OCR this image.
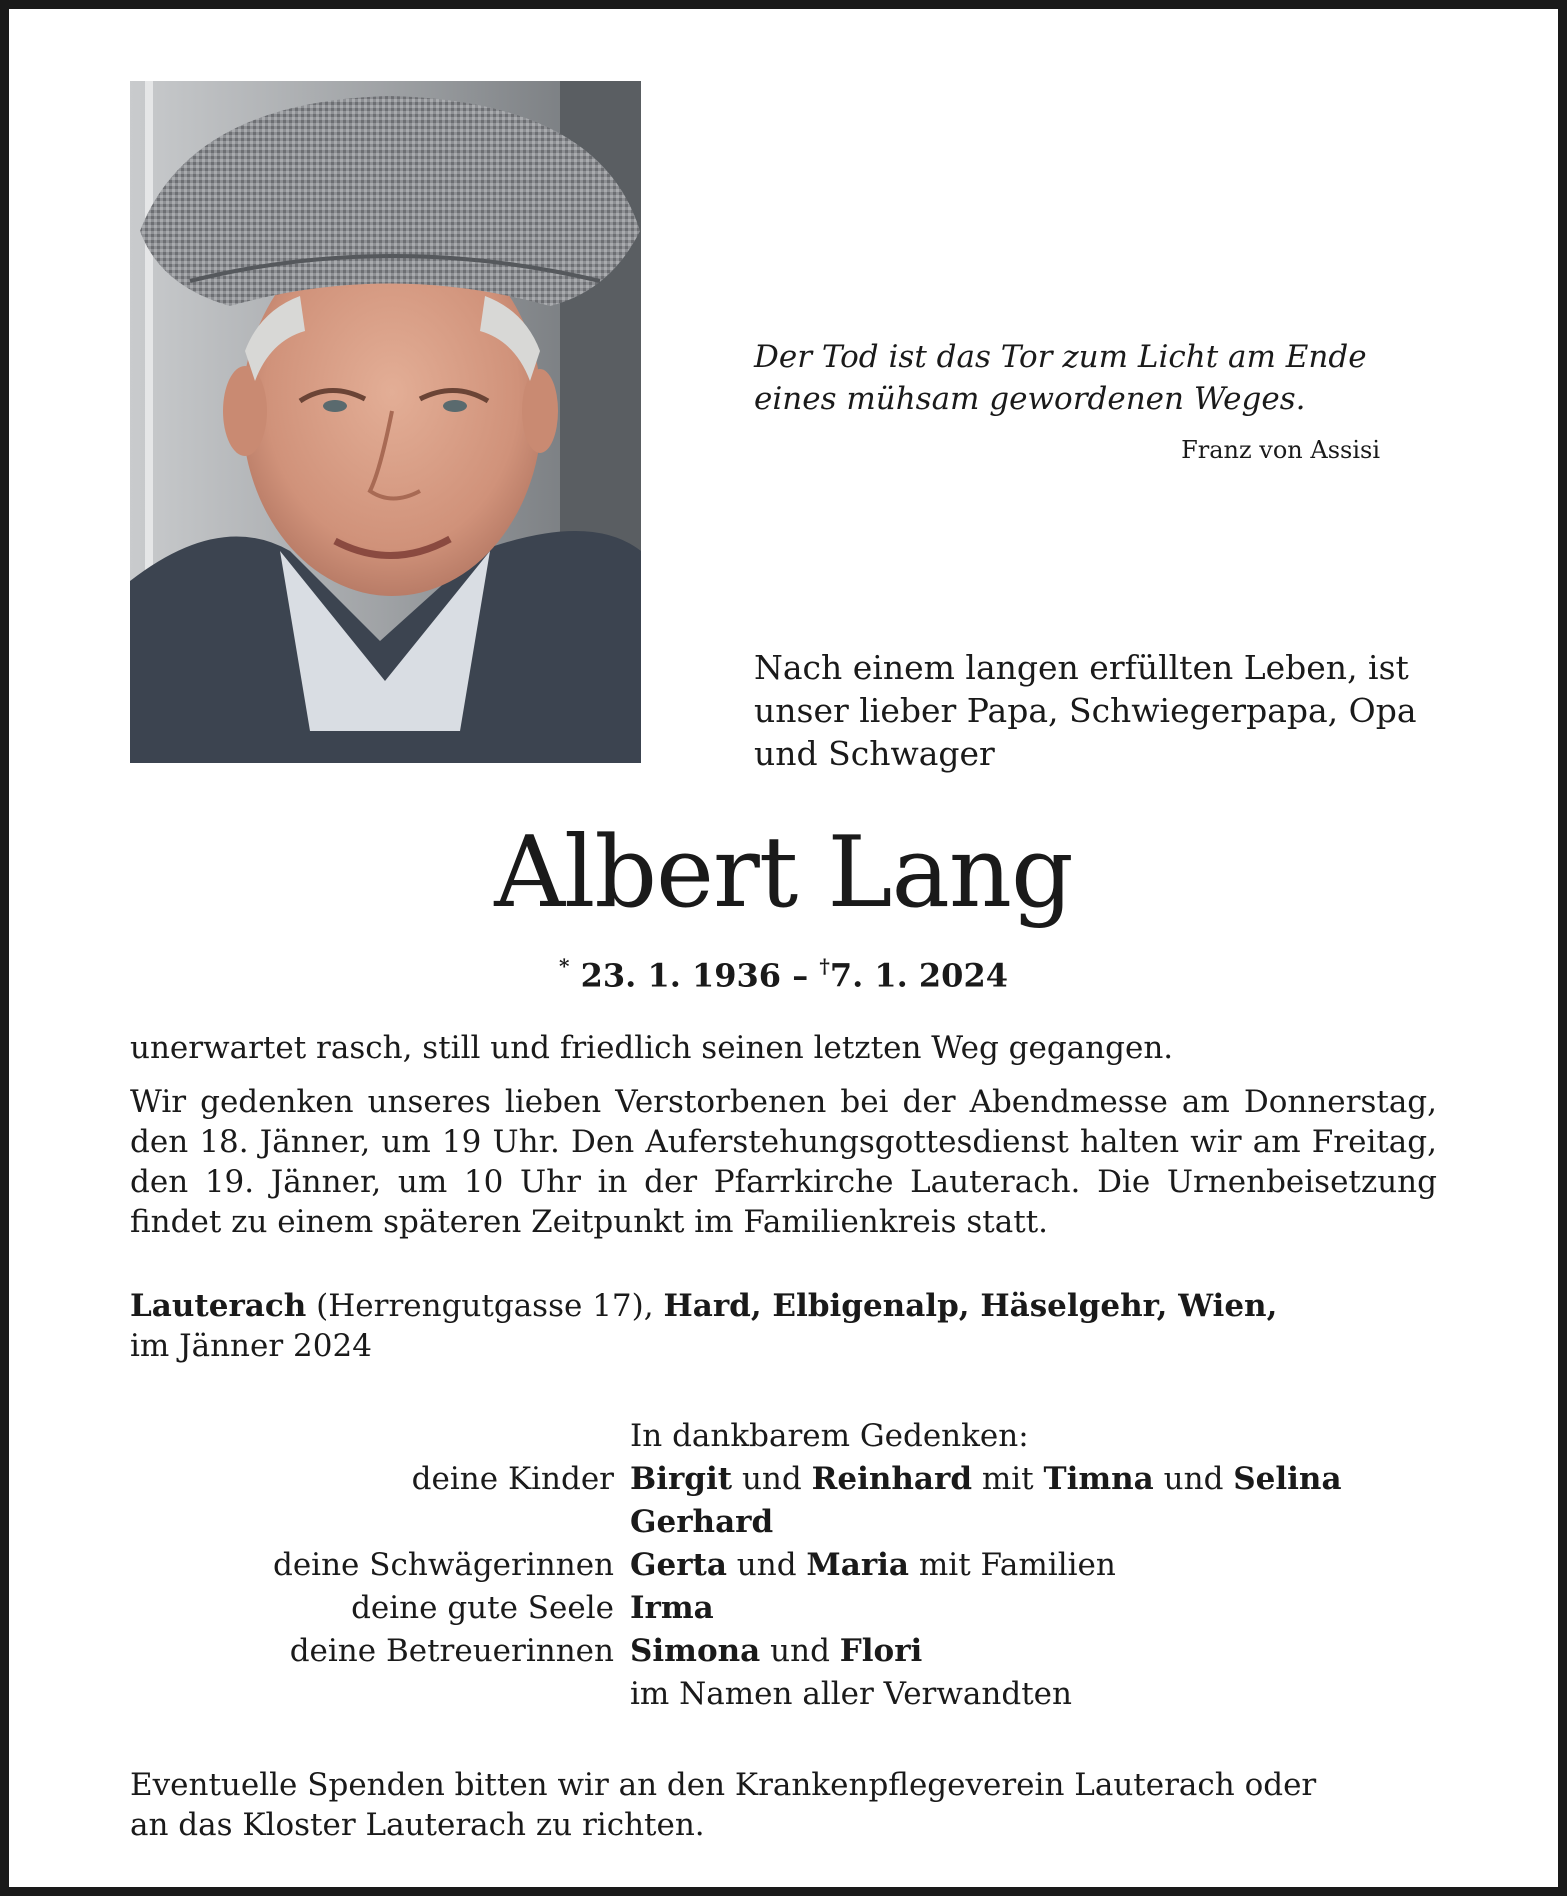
Der Tod ist das Tor zum Licht am Ende
eines mühsam gewordenen Weges.
Franz von Assisi
Nach einem langen erfüllten Leben, ist
unser lieber Papa, Schwiegerpapa, Opa
und Schwager
Albert Lang
* 23. 1. 1936 – †7. 1. 2024
unerwartet rasch, still und friedlich seinen letzten Weg gegangen.
Wir gedenken unseres lieben Verstorbenen bei der Abendmesse am Donnerstag, den 18. Jänner, um 19 Uhr. Den Auferstehungsgottesdienst halten wir am Freitag, den 19. Jänner, um 10 Uhr in der Pfarrkirche Lauterach. Die Urnenbeisetzung findet zu einem späteren Zeitpunkt im Familienkreis statt.
Lauterach (Herrengutgasse 17), Hard, Elbigenalp, Häselgehr, Wien,
im Jänner 2024
In dankbarem Gedenken:
deine Kinder Birgit und Reinhard mit Timna und Selina
Gerhard
deine Schwägerinnen Gerta und Maria mit Familien
deine gute Seele Irma
deine Betreuerinnen Simona und Flori
im Namen aller Verwandten
Eventuelle Spenden bitten wir an den Krankenpflegeverein Lauterach oder
an das Kloster Lauterach zu richten.
